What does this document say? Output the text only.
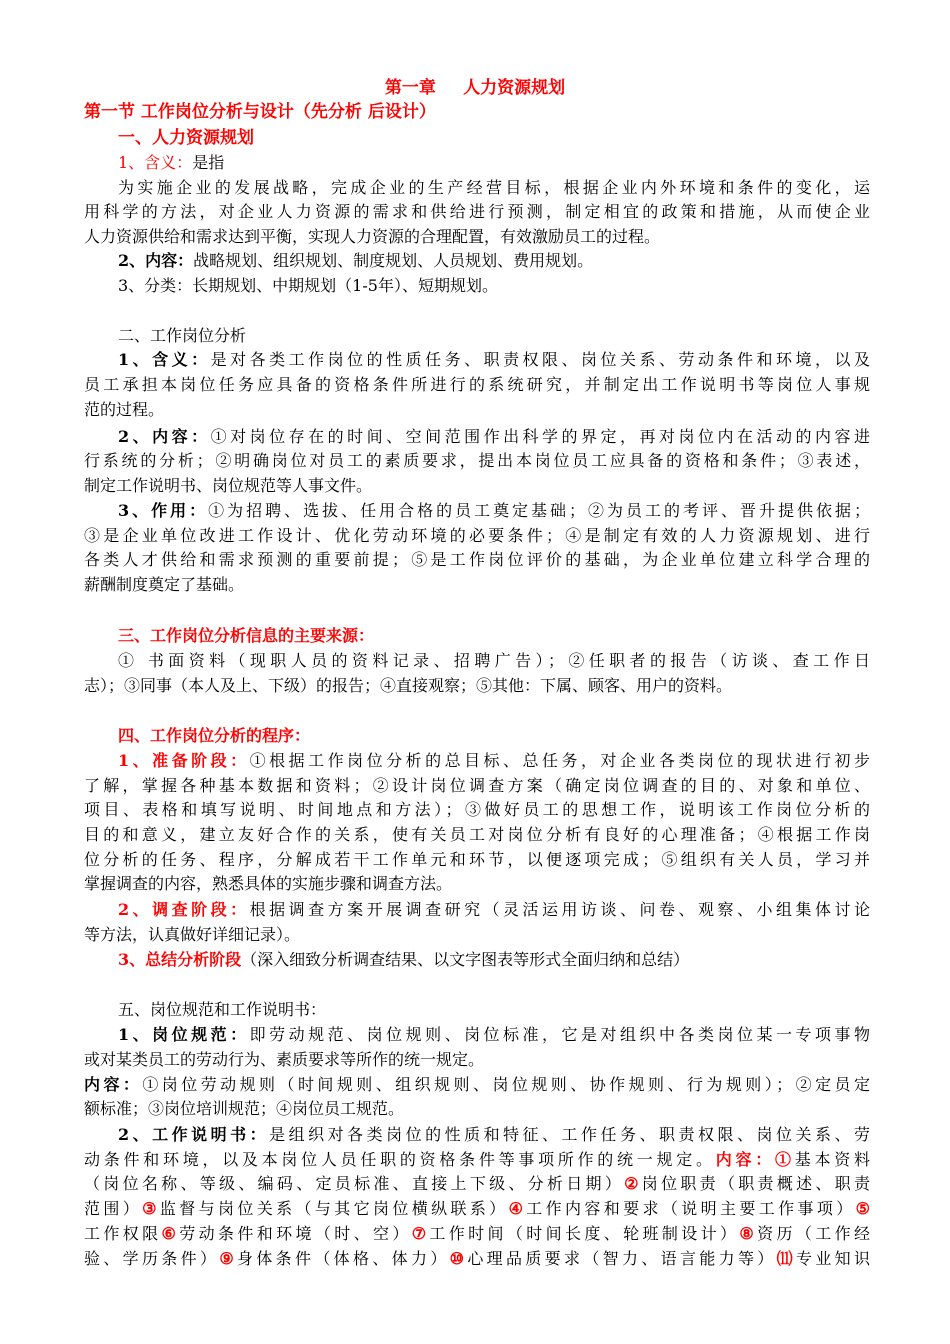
第一章 人力资源规划
第一节 工作岗位分析与设计（先分析 后设计）
一、人力资源规划
1、含义：是指
为实施企业的发展战略，完成企业的生产经营目标，根据企业内外环境和条件的变化，运
用科学的方法，对企业人力资源的需求和供给进行预测，制定相宜的政策和措施，从而使企业
人力资源供给和需求达到平衡，实现人力资源的合理配置，有效激励员工的过程。
2、内容：战略规划、组织规划、制度规划、人员规划、费用规划。
3、分类：长期规划、中期规划（1-5年）、短期规划。
二、工作岗位分析
1、含义：是对各类工作岗位的性质任务、职责权限、岗位关系、劳动条件和环境，以及
员工承担本岗位任务应具备的资格条件所进行的系统研究，并制定出工作说明书等岗位人事规
范的过程。
2、内容：①对岗位存在的时间、空间范围作出科学的界定，再对岗位内在活动的内容进
行系统的分析；②明确岗位对员工的素质要求，提出本岗位员工应具备的资格和条件；③表述，
制定工作说明书、岗位规范等人事文件。
3、作用：①为招聘、选拔、任用合格的员工奠定基础；②为员工的考评、晋升提供依据；
③是企业单位改进工作设计、优化劳动环境的必要条件；④是制定有效的人力资源规划、进行
各类人才供给和需求预测的重要前提；⑤是工作岗位评价的基础，为企业单位建立科学合理的
薪酬制度奠定了基础。
三、工作岗位分析信息的主要来源：
① 书面资料（现职人员的资料记录、招聘广告）；②任职者的报告（访谈、查工作日
志）；③同事（本人及上、下级）的报告；④直接观察；⑤其他：下属、顾客、用户的资料。
四、工作岗位分析的程序：
1、准备阶段：①根据工作岗位分析的总目标、总任务，对企业各类岗位的现状进行初步
了解，掌握各种基本数据和资料；②设计岗位调查方案（确定岗位调查的目的、对象和单位、
项目、表格和填写说明、时间地点和方法）；③做好员工的思想工作，说明该工作岗位分析的
目的和意义，建立友好合作的关系，使有关员工对岗位分析有良好的心理准备；④根据工作岗
位分析的任务、程序，分解成若干工作单元和环节，以便逐项完成；⑤组织有关人员，学习并
掌握调查的内容，熟悉具体的实施步骤和调查方法。
2、调查阶段：根据调查方案开展调查研究（灵活运用访谈、问卷、观察、小组集体讨论
等方法，认真做好详细记录）。
3、总结分析阶段（深入细致分析调查结果、以文字图表等形式全面归纳和总结）
五、岗位规范和工作说明书：
1、岗位规范：即劳动规范、岗位规则、岗位标准，它是对组织中各类岗位某一专项事物
或对某类员工的劳动行为、素质要求等所作的统一规定。
内容：①岗位劳动规则（时间规则、组织规则、岗位规则、协作规则、行为规则）；②定员定
额标准；③岗位培训规范；④岗位员工规范。
2、工作说明书：是组织对各类岗位的性质和特征、工作任务、职责权限、岗位关系、劳
动条件和环境，以及本岗位人员任职的资格条件等事项所作的统一规定。内容：①基本资料
（岗位名称、等级、编码、定员标准、直接上下级、分析日期）②岗位职责（职责概述、职责
范围）③监督与岗位关系（与其它岗位横纵联系）④工作内容和要求（说明主要工作事项）⑤
工作权限⑥劳动条件和环境（时、空）⑦工作时间（时间长度、轮班制设计）⑧资历（工作经
验、学历条件）⑨身体条件（体格、体力）⑩心理品质要求（智力、语言能力等）⑾专业知识
